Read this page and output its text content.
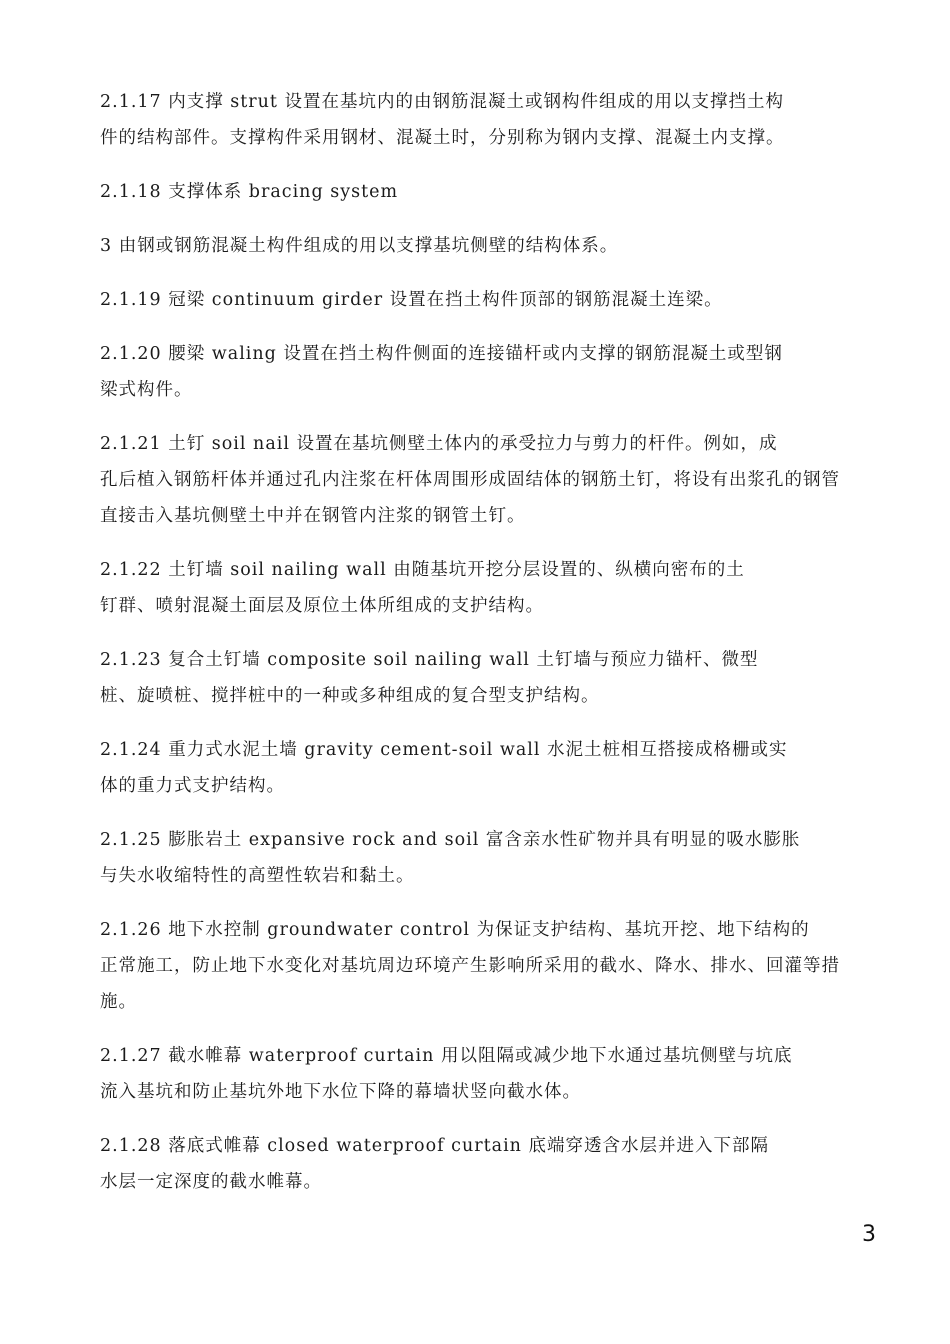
2.1.17 内支撑 strut 设置在基坑内的由钢筋混凝土或钢构件组成的用以支撑挡土构
件的结构部件。支撑构件采用钢材、混凝土时，分别称为钢内支撑、混凝土内支撑。
2.1.18 支撑体系 bracing system
3 由钢或钢筋混凝土构件组成的用以支撑基坑侧壁的结构体系。
2.1.19 冠梁 continuum girder 设置在挡土构件顶部的钢筋混凝土连梁。
2.1.20 腰梁 waling 设置在挡土构件侧面的连接锚杆或内支撑的钢筋混凝土或型钢
梁式构件。
2.1.21 土钉 soil nail 设置在基坑侧壁土体内的承受拉力与剪力的杆件。例如，成
孔后植入钢筋杆体并通过孔内注浆在杆体周围形成固结体的钢筋土钉，将设有出浆孔的钢管
直接击入基坑侧壁土中并在钢管内注浆的钢管土钉。
2.1.22 土钉墙 soil nailing wall 由随基坑开挖分层设置的、纵横向密布的土
钉群、喷射混凝土面层及原位土体所组成的支护结构。
2.1.23 复合土钉墙 composite soil nailing wall 土钉墙与预应力锚杆、微型
桩、旋喷桩、搅拌桩中的一种或多种组成的复合型支护结构。
2.1.24 重力式水泥土墙 gravity cement-soil wall 水泥土桩相互搭接成格栅或实
体的重力式支护结构。
2.1.25 膨胀岩土 expansive rock and soil 富含亲水性矿物并具有明显的吸水膨胀
与失水收缩特性的高塑性软岩和黏土。
2.1.26 地下水控制 groundwater control 为保证支护结构、基坑开挖、地下结构的
正常施工，防止地下水变化对基坑周边环境产生影响所采用的截水、降水、排水、回灌等措
施。
2.1.27 截水帷幕 waterproof curtain 用以阻隔或减少地下水通过基坑侧壁与坑底
流入基坑和防止基坑外地下水位下降的幕墙状竖向截水体。
2.1.28 落底式帷幕 closed waterproof curtain 底端穿透含水层并进入下部隔
水层一定深度的截水帷幕。
3
